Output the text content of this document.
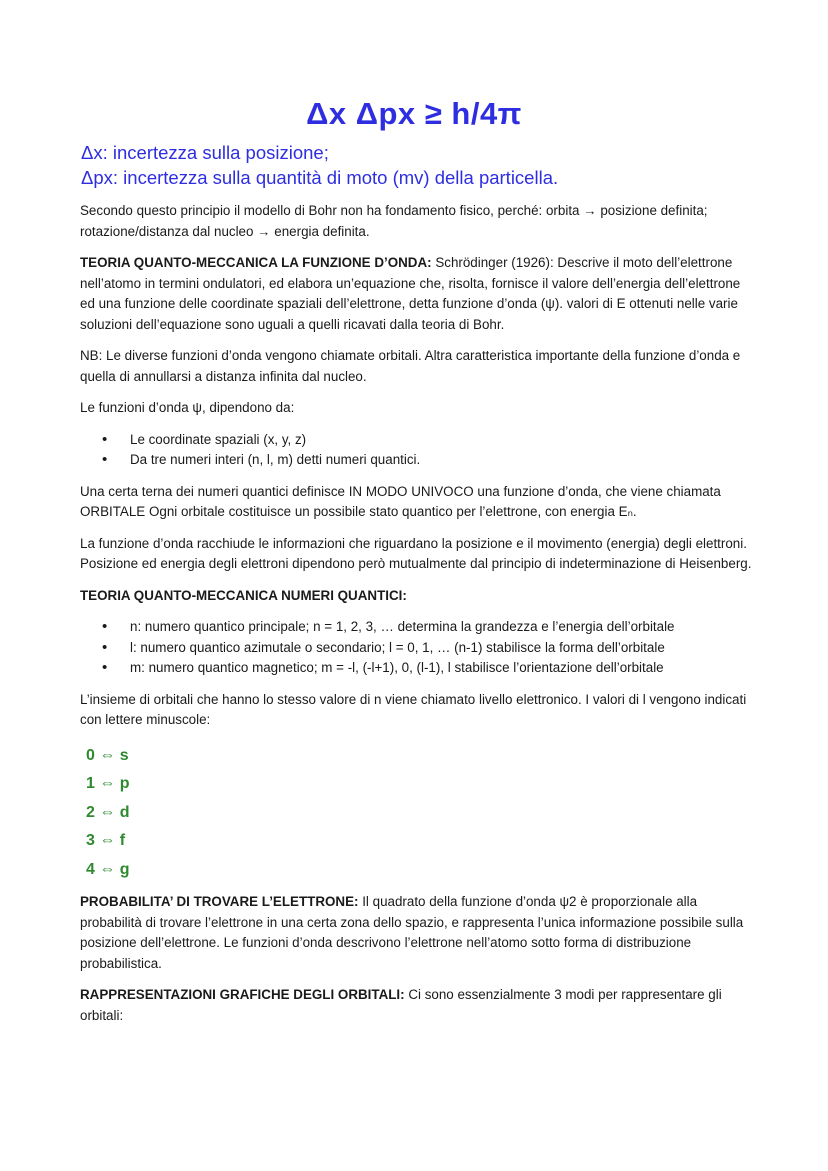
Δx Δpx ≥ h/4π
Δx: incertezza sulla posizione;
Δpx: incertezza sulla quantità di moto (mv) della particella.

Secondo questo principio il modello di Bohr non ha fondamento fisico, perché: orbita → posizione definita; rotazione/distanza dal nucleo → energia definita.

TEORIA QUANTO-MECCANICA LA FUNZIONE D’ONDA: Schrödinger (1926): Descrive il moto dell’elettrone nell’atomo in termini ondulatori, ed elabora un’equazione che, risolta, fornisce il valore dell’energia dell’elettrone ed una funzione delle coordinate spaziali dell’elettrone, detta funzione d’onda (ψ). valori di E ottenuti nelle varie soluzioni dell’equazione sono uguali a quelli ricavati dalla teoria di Bohr.

NB: Le diverse funzioni d’onda vengono chiamate orbitali. Altra caratteristica importante della funzione d’onda e quella di annullarsi a distanza infinita dal nucleo.

Le funzioni d’onda ψ, dipendono da:

• Le coordinate spaziali (x, y, z)
• Da tre numeri interi (n, l, m) detti numeri quantici.

Una certa terna dei numeri quantici definisce IN MODO UNIVOCO una funzione d’onda, che viene chiamata ORBITALE Ogni orbitale costituisce un possibile stato quantico per l’elettrone, con energia Eₙ.

La funzione d’onda racchiude le informazioni che riguardano la posizione e il movimento (energia) degli elettroni. Posizione ed energia degli elettroni dipendono però mutualmente dal principio di indeterminazione di Heisenberg.

TEORIA QUANTO-MECCANICA NUMERI QUANTICI:

• n: numero quantico principale; n = 1, 2, 3, … determina la grandezza e l’energia dell’orbitale
• l: numero quantico azimutale o secondario; l = 0, 1, … (n-1) stabilisce la forma dell’orbitale
• m: numero quantico magnetico; m = -l, (-l+1), 0, (l-1), l stabilisce l’orientazione dell’orbitale

L’insieme di orbitali che hanno lo stesso valore di n viene chiamato livello elettronico. I valori di l vengono indicati con lettere minuscole:

0 ⇔ s
1 ⇔ p
2 ⇔ d
3 ⇔ f
4 ⇔ g

PROBABILITA’ DI TROVARE L’ELETTRONE: Il quadrato della funzione d’onda ψ2 è proporzionale alla probabilità di trovare l’elettrone in una certa zona dello spazio, e rappresenta l’unica informazione possibile sulla posizione dell’elettrone. Le funzioni d’onda descrivono l’elettrone nell’atomo sotto forma di distribuzione probabilistica.

RAPPRESENTAZIONI GRAFICHE DEGLI ORBITALI: Ci sono essenzialmente 3 modi per rappresentare gli orbitali:
